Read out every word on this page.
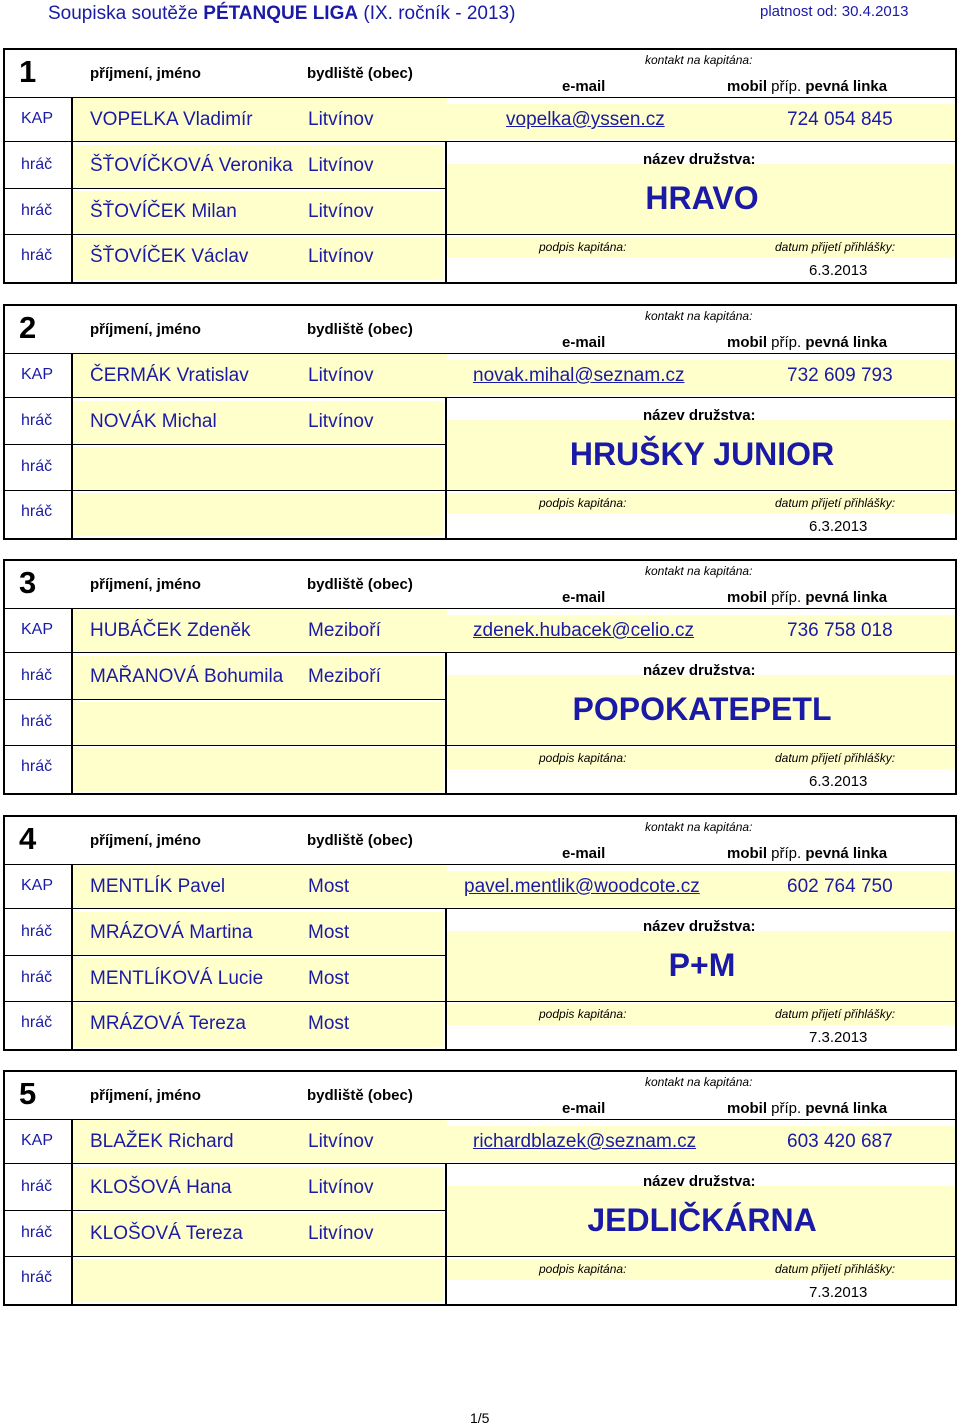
Soupiska soutěže PÉTANQUE LIGA (IX. ročník - 2013)	platnost od: 30.4.2013
1	příjmení, jméno	bydliště (obec)
kontakt na kapitána:
e-mail	mobil příp. pevná linka
KAP VOPELKA Vladimír	Litvínov	vopelka@yssen.cz	724 054 845
hráč ŠŤOVÍČKOVÁ Veronika Litvínov
hráč ŠŤOVÍČEK Milan	Litvínov
hráč ŠŤOVÍČEK Václav	Litvínov
název družstva:
HRAVO
podpis kapitána:	datum přijetí přihlášky:
6.3.2013
2	příjmení, jméno	bydliště (obec)
kontakt na kapitána:
e-mail	mobil příp. pevná linka
KAP ČERMÁK Vratislav	Litvínov	novak.mihal@seznam.cz	732 609 793
hráč NOVÁK Michal	Litvínov
hráč
hráč
název družstva:
HRUŠKY JUNIOR
podpis kapitána:	datum přijetí přihlášky:
6.3.2013
3	příjmení, jméno	bydliště (obec)
kontakt na kapitána:
e-mail	mobil příp. pevná linka
KAP HUBÁČEK Zdeněk	Meziboří	zdenek.hubacek@celio.cz	736 758 018
hráč MAŘANOVÁ Bohumila Meziboří
hráč
hráč
název družstva:
POPOKATEPETL
podpis kapitána:	datum přijetí přihlášky:
6.3.2013
4	příjmení, jméno	bydliště (obec)
kontakt na kapitána:
e-mail	mobil příp. pevná linka
KAP MENTLÍK Pavel	Most	pavel.mentlik@woodcote.cz	602 764 750
hráč MRÁZOVÁ Martina	Most
hráč MENTLÍKOVÁ Lucie Most
hráč MRÁZOVÁ Tereza	Most
název družstva:
P+M
podpis kapitána:	datum přijetí přihlášky:
7.3.2013
5	příjmení, jméno	bydliště (obec)
kontakt na kapitána:
e-mail	mobil příp. pevná linka
KAP BLAŽEK Richard	Litvínov	richardblazek@seznam.cz	603 420 687
hráč KLOŠOVÁ Hana	Litvínov
hráč KLOŠOVÁ Tereza	Litvínov
hráč
název družstva:
JEDLIČKÁRNA
podpis kapitána:	datum přijetí přihlášky:
7.3.2013
1/5
